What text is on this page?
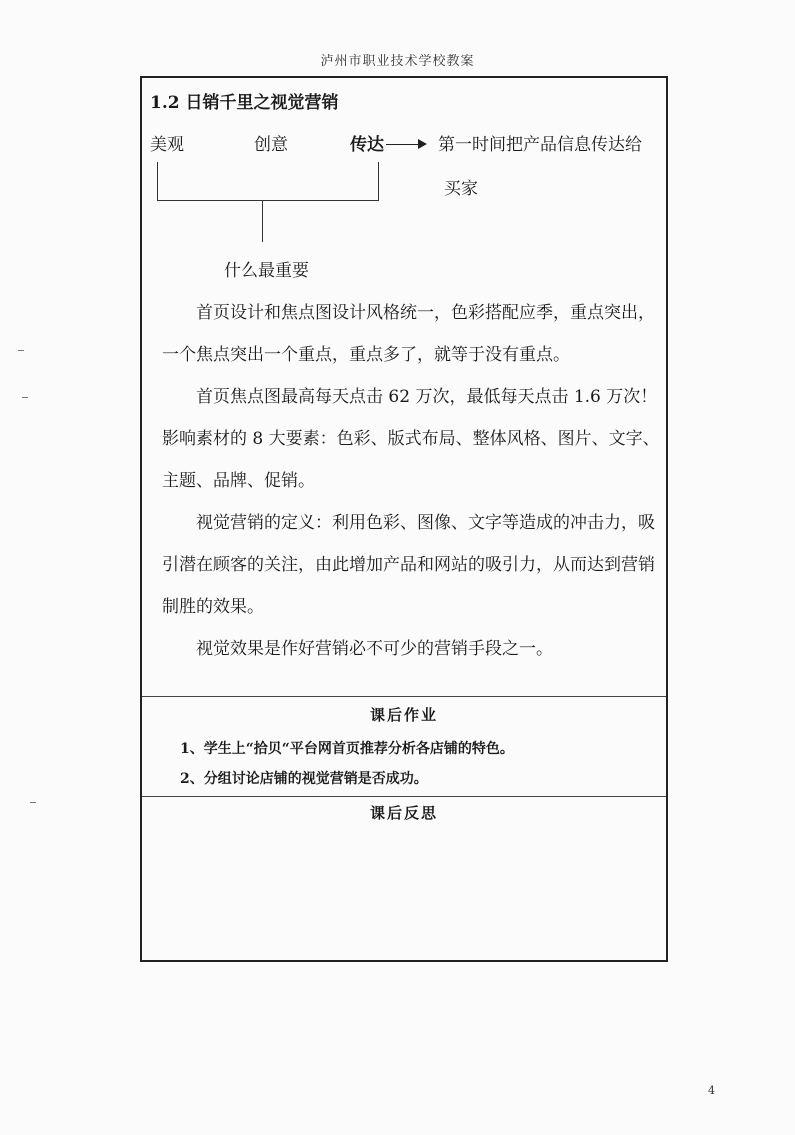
泸州市职业技术学校教案
1.2 日销千里之视觉营销
美观	创意	传达	第一时间把产品信息传达给
买家
什么最重要
首页设计和焦点图设计风格统一，色彩搭配应季，重点突出，一个焦点突出一个重点，重点多了，就等于没有重点。
首页焦点图最高每天点击 62 万次，最低每天点击 1.6 万次！
影响素材的 8 大要素：色彩、版式布局、整体风格、图片、文字、主题、品牌、促销。
视觉营销的定义：利用色彩、图像、文字等造成的冲击力，吸引潜在顾客的关注，由此增加产品和网站的吸引力，从而达到营销制胜的效果。
视觉效果是作好营销必不可少的营销手段之一。
课后作业
1、学生上“拾贝“平台网首页推荐分析各店铺的特色。
2、分组讨论店铺的视觉营销是否成功。
课后反思
4
